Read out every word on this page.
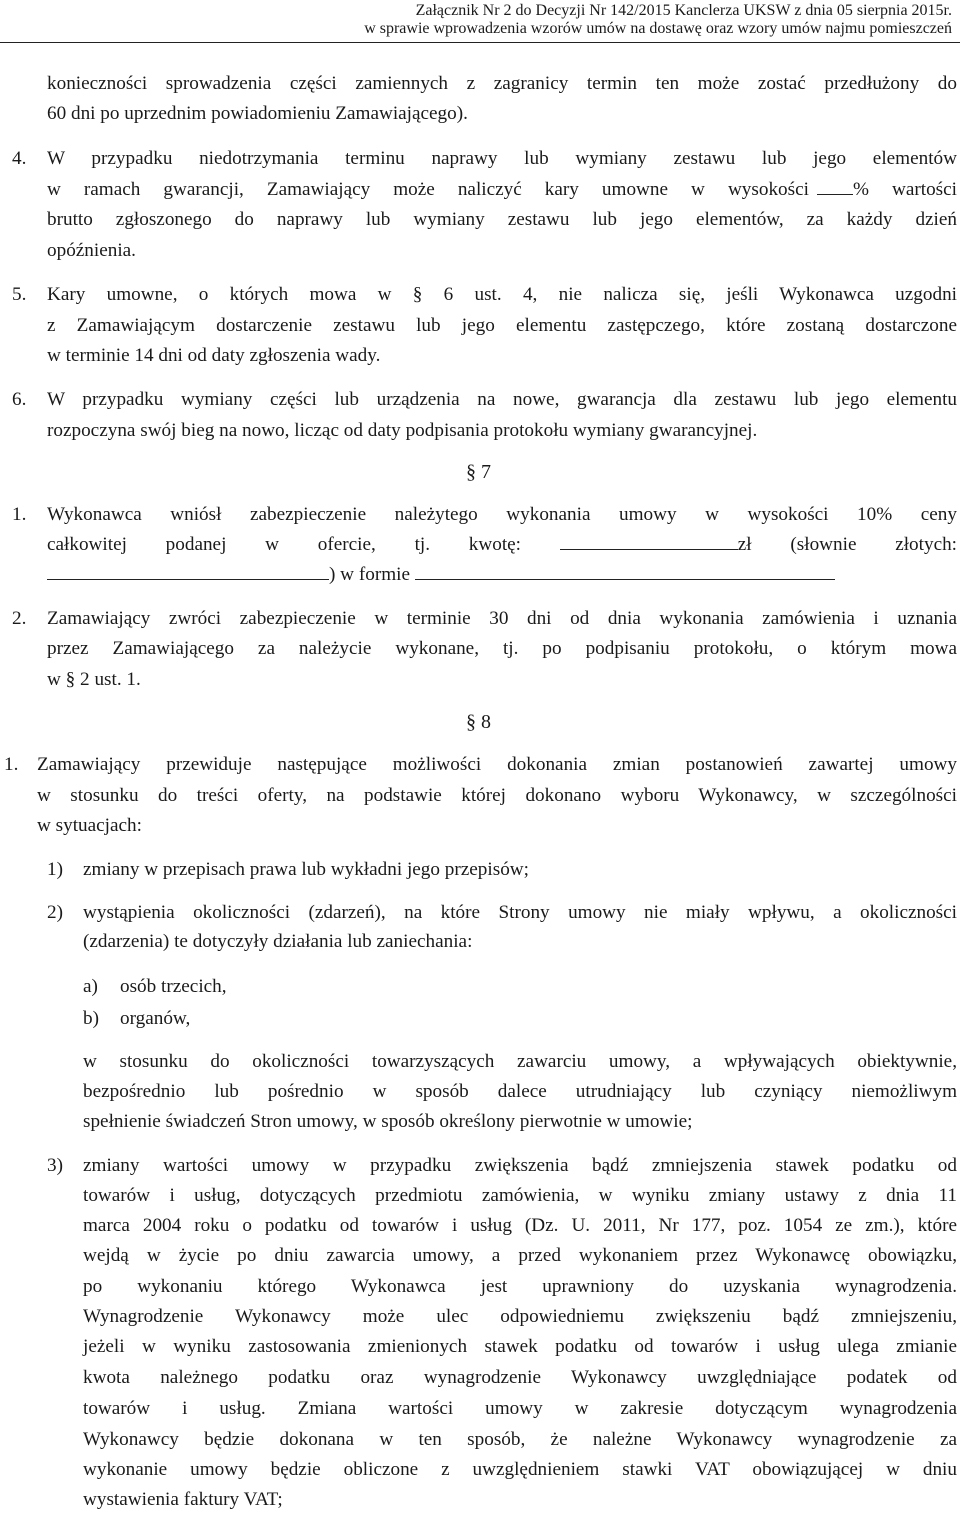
Załącznik Nr 2 do Decyzji Nr 142/2015 Kanclerza UKSW z dnia 05 sierpnia 2015r.
w sprawie wprowadzenia wzorów umów na dostawę oraz wzory umów najmu pomieszczeń
konieczności sprowadzenia części zamiennych z zagranicy termin ten może zostać przedłużony do
60 dni po uprzednim powiadomieniu Zamawiającego).
4. W przypadku niedotrzymania terminu naprawy lub wymiany zestawu lub jego elementów
w ramach gwarancji, Zamawiający może naliczyć kary umowne w wysokości % wartości
brutto zgłoszonego do naprawy lub wymiany zestawu lub jego elementów, za każdy dzień
opóźnienia.
5. Kary umowne, o których mowa w § 6 ust. 4, nie nalicza się, jeśli Wykonawca uzgodni
z Zamawiającym dostarczenie zestawu lub jego elementu zastępczego, które zostaną dostarczone
w terminie 14 dni od daty zgłoszenia wady.
6. W przypadku wymiany części lub urządzenia na nowe, gwarancja dla zestawu lub jego elementu
rozpoczyna swój bieg na nowo, licząc od daty podpisania protokołu wymiany gwarancyjnej.
§ 7
1. Wykonawca wniósł zabezpieczenie należytego wykonania umowy w wysokości 10% ceny
całkowitej podanej w ofercie, tj. kwotę:	zł (słownie złotych:
) w formie
2. Zamawiający zwróci zabezpieczenie w terminie 30 dni od dnia wykonania zamówienia i uznania
przez Zamawiającego za należycie wykonane, tj. po podpisaniu protokołu, o którym mowa
w § 2 ust. 1.
§ 8
1. Zamawiający przewiduje następujące możliwości dokonania zmian postanowień zawartej umowy
w stosunku do treści oferty, na podstawie której dokonano wyboru Wykonawcy, w szczególności
w sytuacjach:
1) zmiany w przepisach prawa lub wykładni jego przepisów;
2) wystąpienia okoliczności (zdarzeń), na które Strony umowy nie miały wpływu, a okoliczności
(zdarzenia) te dotyczyły działania lub zaniechania:
a) osób trzecich,
b) organów,
w stosunku do okoliczności towarzyszących zawarciu umowy, a wpływających obiektywnie,
bezpośrednio lub pośrednio w sposób dalece utrudniający lub czyniący niemożliwym
spełnienie świadczeń Stron umowy, w sposób określony pierwotnie w umowie;
3) zmiany wartości umowy w przypadku zwiększenia bądź zmniejszenia stawek podatku od
towarów i usług, dotyczących przedmiotu zamówienia, w wyniku zmiany ustawy z dnia 11
marca 2004 roku o podatku od towarów i usług (Dz. U. 2011, Nr 177, poz. 1054 ze zm.), które
wejdą w życie po dniu zawarcia umowy, a przed wykonaniem przez Wykonawcę obowiązku,
po wykonaniu którego Wykonawca jest uprawniony do uzyskania wynagrodzenia.
Wynagrodzenie Wykonawcy może ulec odpowiedniemu zwiększeniu bądź zmniejszeniu,
jeżeli w wyniku zastosowania zmienionych stawek podatku od towarów i usług ulega zmianie
kwota należnego podatku oraz wynagrodzenie Wykonawcy uwzględniające podatek od
towarów i usług. Zmiana wartości umowy w zakresie dotyczącym wynagrodzenia
Wykonawcy będzie dokonana w ten sposób, że należne Wykonawcy wynagrodzenie za
wykonanie umowy będzie obliczone z uwzględnieniem stawki VAT obowiązującej w dniu
wystawienia faktury VAT;
